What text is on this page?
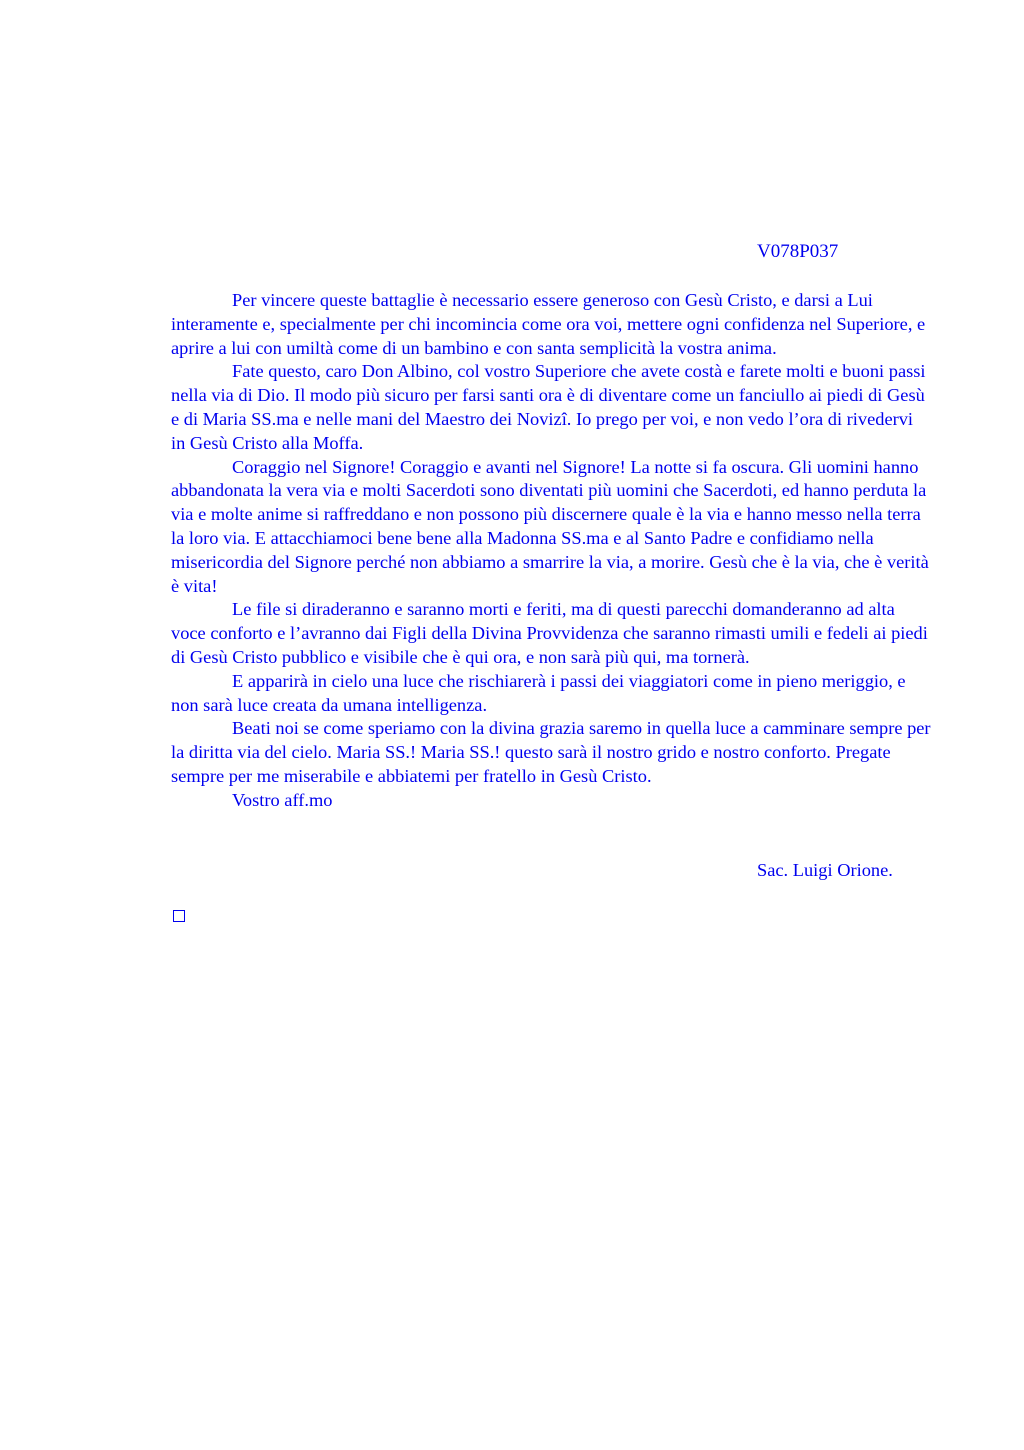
V078P037

Per vincere queste battaglie è necessario essere generoso con Gesù Cristo, e darsi a Lui interamente e, specialmente per chi incomincia come ora voi, mettere ogni confidenza nel Superiore, e aprire a lui con umiltà come di un bambino e con santa semplicità la vostra anima.

Fate questo, caro Don Albino, col vostro Superiore che avete costà e farete molti e buoni passi nella via di Dio. Il modo più sicuro per farsi santi ora è di diventare come un fanciullo ai piedi di Gesù e di Maria SS.ma e nelle mani del Maestro dei Novizî. Io prego per voi, e non vedo l’ora di rivedervi in Gesù Cristo alla Moffa.

Coraggio nel Signore! Coraggio e avanti nel Signore! La notte si fa oscura. Gli uomini hanno abbandonata la vera via e molti Sacerdoti sono diventati più uomini che Sacerdoti, ed hanno perduta la via e molte anime si raffreddano e non possono più discernere quale è la via e hanno messo nella terra la loro via. E attacchiamoci bene bene alla Madonna SS.ma e al Santo Padre e confidiamo nella misericordia del Signore perché non abbiamo a smarrire la via, a morire. Gesù che è la via, che è verità è vita!

Le file si diraderanno e saranno morti e feriti, ma di questi parecchi domanderanno ad alta voce conforto e l’avranno dai Figli della Divina Provvidenza che saranno rimasti umili e fedeli ai piedi di Gesù Cristo pubblico e visibile che è qui ora, e non sarà più qui, ma tornerà.

E apparirà in cielo una luce che rischiarerà i passi dei viaggiatori come in pieno meriggio, e non sarà luce creata da umana intelligenza.

Beati noi se come speriamo con la divina grazia saremo in quella luce a camminare sempre per la diritta via del cielo. Maria SS.! Maria SS.! questo sarà il nostro grido e nostro conforto. Pregate sempre per me miserabile e abbiatemi per fratello in Gesù Cristo.

Vostro aff.mo

Sac. Luigi Orione.
